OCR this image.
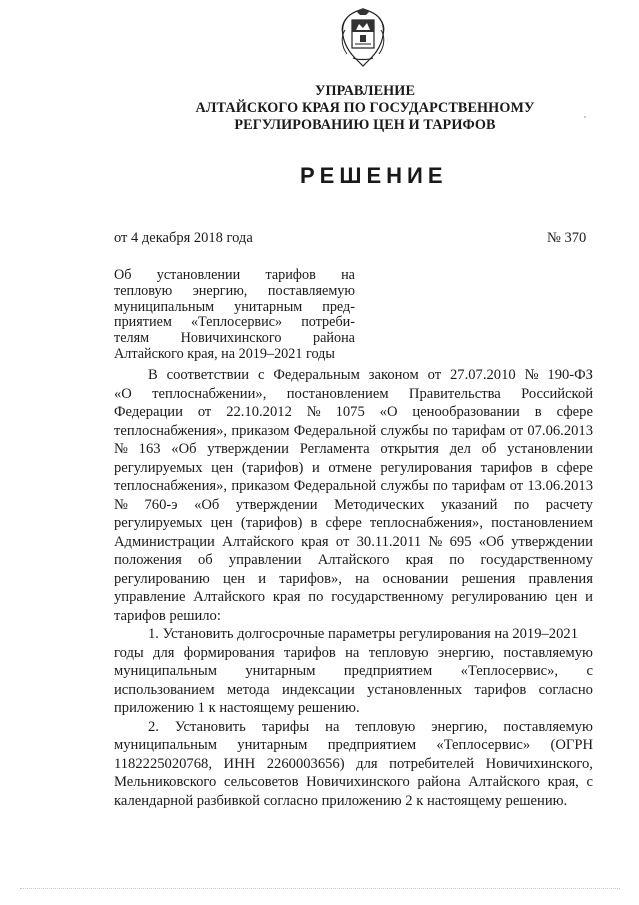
УПРАВЛЕНИЕ
АЛТАЙСКОГО КРАЯ ПО ГОСУДАРСТВЕННОМУ
РЕГУЛИРОВАНИЮ ЦЕН И ТАРИФОВ
РЕШЕНИЕ
от 4 декабря 2018 года	№ 370
Об установлении тарифов на
тепловую энергию, поставляемую
муниципальным унитарным пред-
приятием «Теплосервис» потреби-
телям Новичихинского района
Алтайского края, на 2019–2021 годы
В соответствии с Федеральным законом от 27.07.2010 № 190-ФЗ
«О теплоснабжении», постановлением Правительства Российской
Федерации от 22.10.2012 № 1075 «О ценообразовании в сфере
теплоснабжения», приказом Федеральной службы по тарифам от 07.06.2013
№ 163 «Об утверждении Регламента открытия дел об установлении
регулируемых цен (тарифов) и отмене регулирования тарифов в сфере
теплоснабжения», приказом Федеральной службы по тарифам от 13.06.2013
№ 760-э «Об утверждении Методических указаний по расчету
регулируемых цен (тарифов) в сфере теплоснабжения», постановлением
Администрации Алтайского края от 30.11.2011 № 695 «Об утверждении
положения об управлении Алтайского края по государственному
регулированию цен и тарифов», на основании решения правления
управление Алтайского края по государственному регулированию цен и
тарифов решило:
1. Установить долгосрочные параметры регулирования на 2019–2021
годы для формирования тарифов на тепловую энергию, поставляемую
муниципальным унитарным предприятием «Теплосервис», с
использованием метода индексации установленных тарифов согласно
приложению 1 к настоящему решению.
2. Установить тарифы на тепловую энергию, поставляемую
муниципальным унитарным предприятием «Теплосервис» (ОГРН
1182225020768, ИНН 2260003656) для потребителей Новичихинского,
Мельниковского сельсоветов Новичихинского района Алтайского края, с
календарной разбивкой согласно приложению 2 к настоящему решению.
